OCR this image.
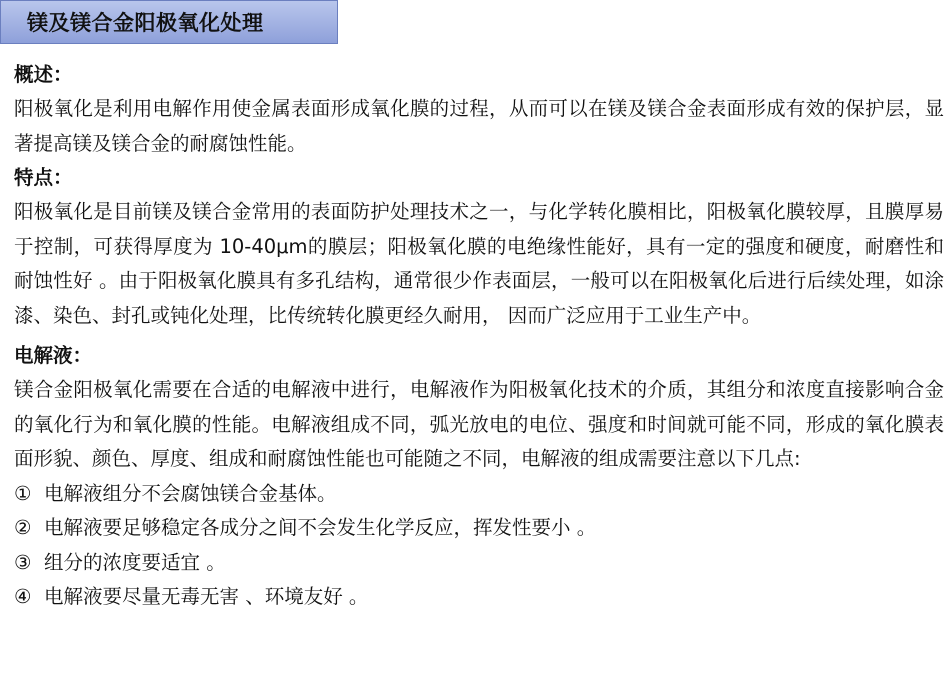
镁及镁合金阳极氧化处理
概述：

阳极氧化是利用电解作用使金属表面形成氧化膜的过程，从而可以在镁及镁合金表面形成有效的保护层，显著提高镁及镁合金的耐腐蚀性能。

特点：

阳极氧化是目前镁及镁合金常用的表面防护处理技术之一，与化学转化膜相比，阳极氧化膜较厚，且膜厚易于控制，可获得厚度为 10-40μm的膜层；阳极氧化膜的电绝缘性能好，具有一定的强度和硬度，耐磨性和耐蚀性好 。由于阳极氧化膜具有多孔结构，通常很少作表面层，一般可以在阳极氧化后进行后续处理，如涂漆、染色、封孔或钝化处理，比传统转化膜更经久耐用， 因而广泛应用于工业生产中。

电解液：

镁合金阳极氧化需要在合适的电解液中进行，电解液作为阳极氧化技术的介质，其组分和浓度直接影响合金的氧化行为和氧化膜的性能。电解液组成不同，弧光放电的电位、强度和时间就可能不同，形成的氧化膜表面形貌、颜色、厚度、组成和耐腐蚀性能也可能随之不同，电解液的组成需要注意以下几点:

① 电解液组分不会腐蚀镁合金基体。
② 电解液要足够稳定各成分之间不会发生化学反应，挥发性要小 。
③ 组分的浓度要适宜 。
④ 电解液要尽量无毒无害 、环境友好 。
